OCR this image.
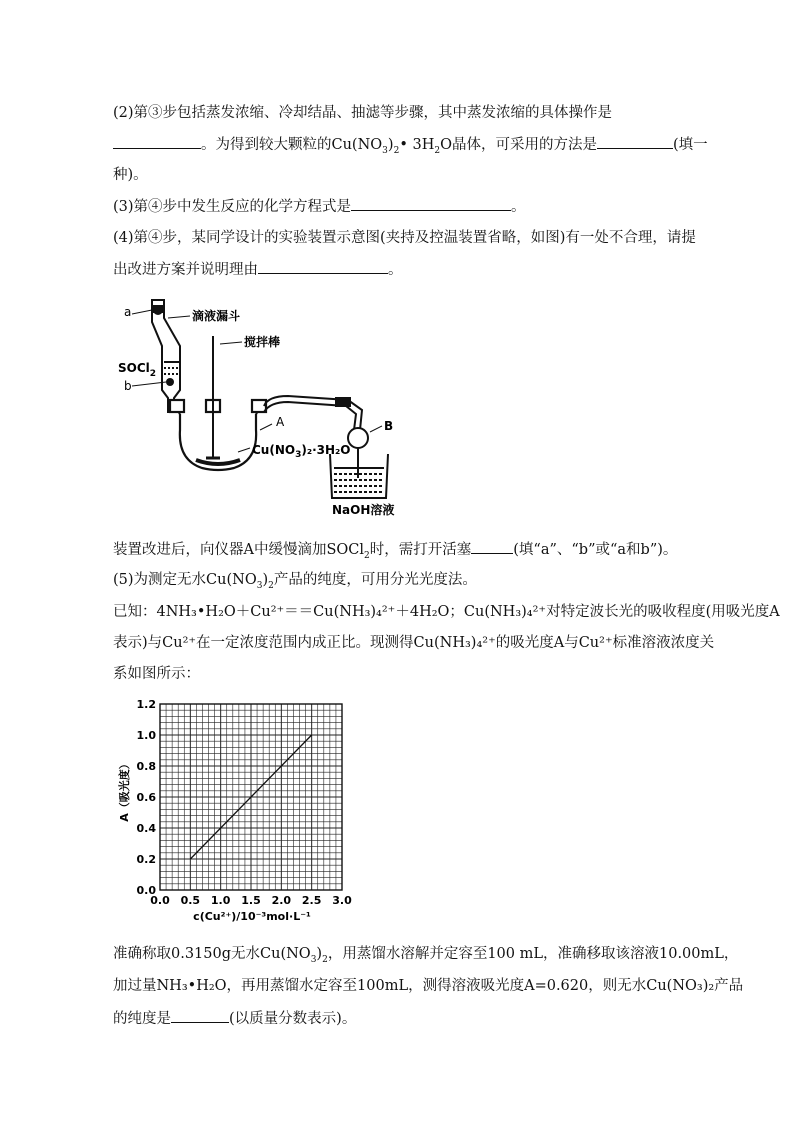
(2)第③步包括蒸发浓缩、冷却结晶、抽滤等步骤，其中蒸发浓缩的具体操作是
。为得到较大颗粒的$Cu(NO_3)_2•$ $3H_2O$晶体，可采用的方法是	(填一
种)。
(3)第④步中发生反应的化学方程式是	。
(4)第④步，某同学设计的实验装置示意图(夹持及控温装置省略，如图)有一处不合理，请提
出改进方案并说明理由	。
a	滴液漏斗
搅拌棒
SOCl$_2$
b
A	B
$Cu(NO_3)_2\cdot 3H_2O$
NaOH溶液
装置改进后，向仪器A中缓慢滴加SOCl$_2$时，需打开活塞	(填“a”、“b”或“a和b”)。
(5)为测定无水$Cu(NO_3)_2$产品的纯度，可用分光光度法。
已知：4NH₃•H₂O＋Cu²⁺＝＝Cu(NH₃)₄²⁺＋4H₂O；Cu(NH₃)₄²⁺对特定波长光的吸收程度(用吸光度A
表示)与Cu²⁺在一定浓度范围内成正比。现测得Cu(NH₃)₄²⁺的吸光度A与Cu²⁺标准溶液浓度关
系如图所示：
0.0 0.5 1.0 1.5 2.0 2.5 3.0
0.0
0.2
0.4
0.6
0.8
1.0
1.2
A（吸光度）
c(Cu²⁺)/10⁻³mol·L⁻¹
准确称取0.3150g无水$Cu(NO_3)_2$，用蒸馏水溶解并定容至100 mL，准确移取该溶液10.00mL，
加过量NH₃•H₂O，再用蒸馏水定容至100mL，测得溶液吸光度A=0.620，则无水Cu(NO₃)₂产品
的纯度是	(以质量分数表示)。
